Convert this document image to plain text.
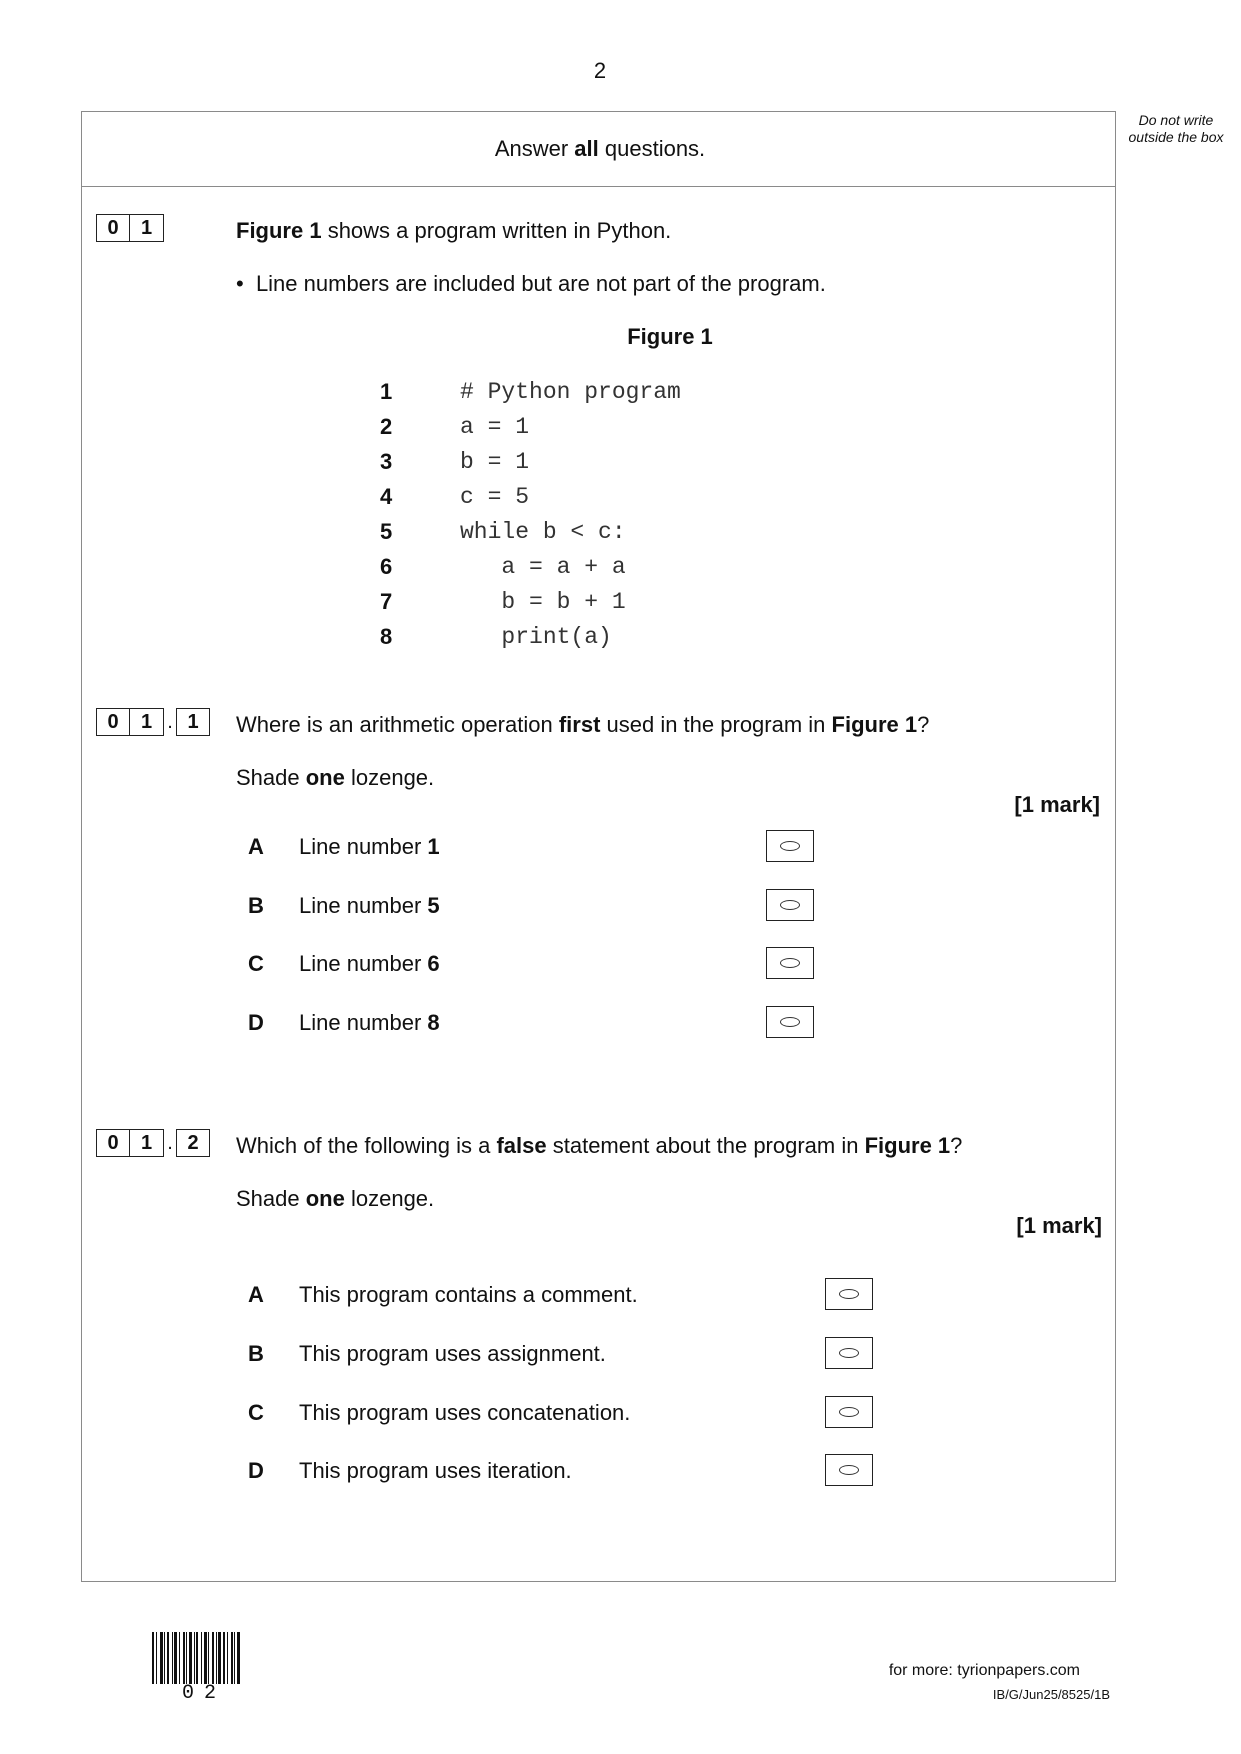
2
Do not write outside the box
Answer all questions.
0	1	Figure 1 shows a program written in Python.
• Line numbers are included but are not part of the program.
Figure 1
1	# Python program
2	a = 1
3	b = 1
4	c = 5
5	while b < c:
6	a = a + a
7	b = b + 1
8	print(a)
0	1 . 1	Where is an arithmetic operation first used in the program in Figure 1?
Shade one lozenge.
[1 mark]
A Line number 1
B Line number 5
C Line number 6
D Line number 8
0	1 . 2	Which of the following is a false statement about the program in Figure 1?
Shade one lozenge.
[1 mark]
A This program contains a comment.
B This program uses assignment.
C This program uses concatenation.
D This program uses iteration.
02
for more: tyrionpapers.com
IB/G/Jun25/8525/1B
